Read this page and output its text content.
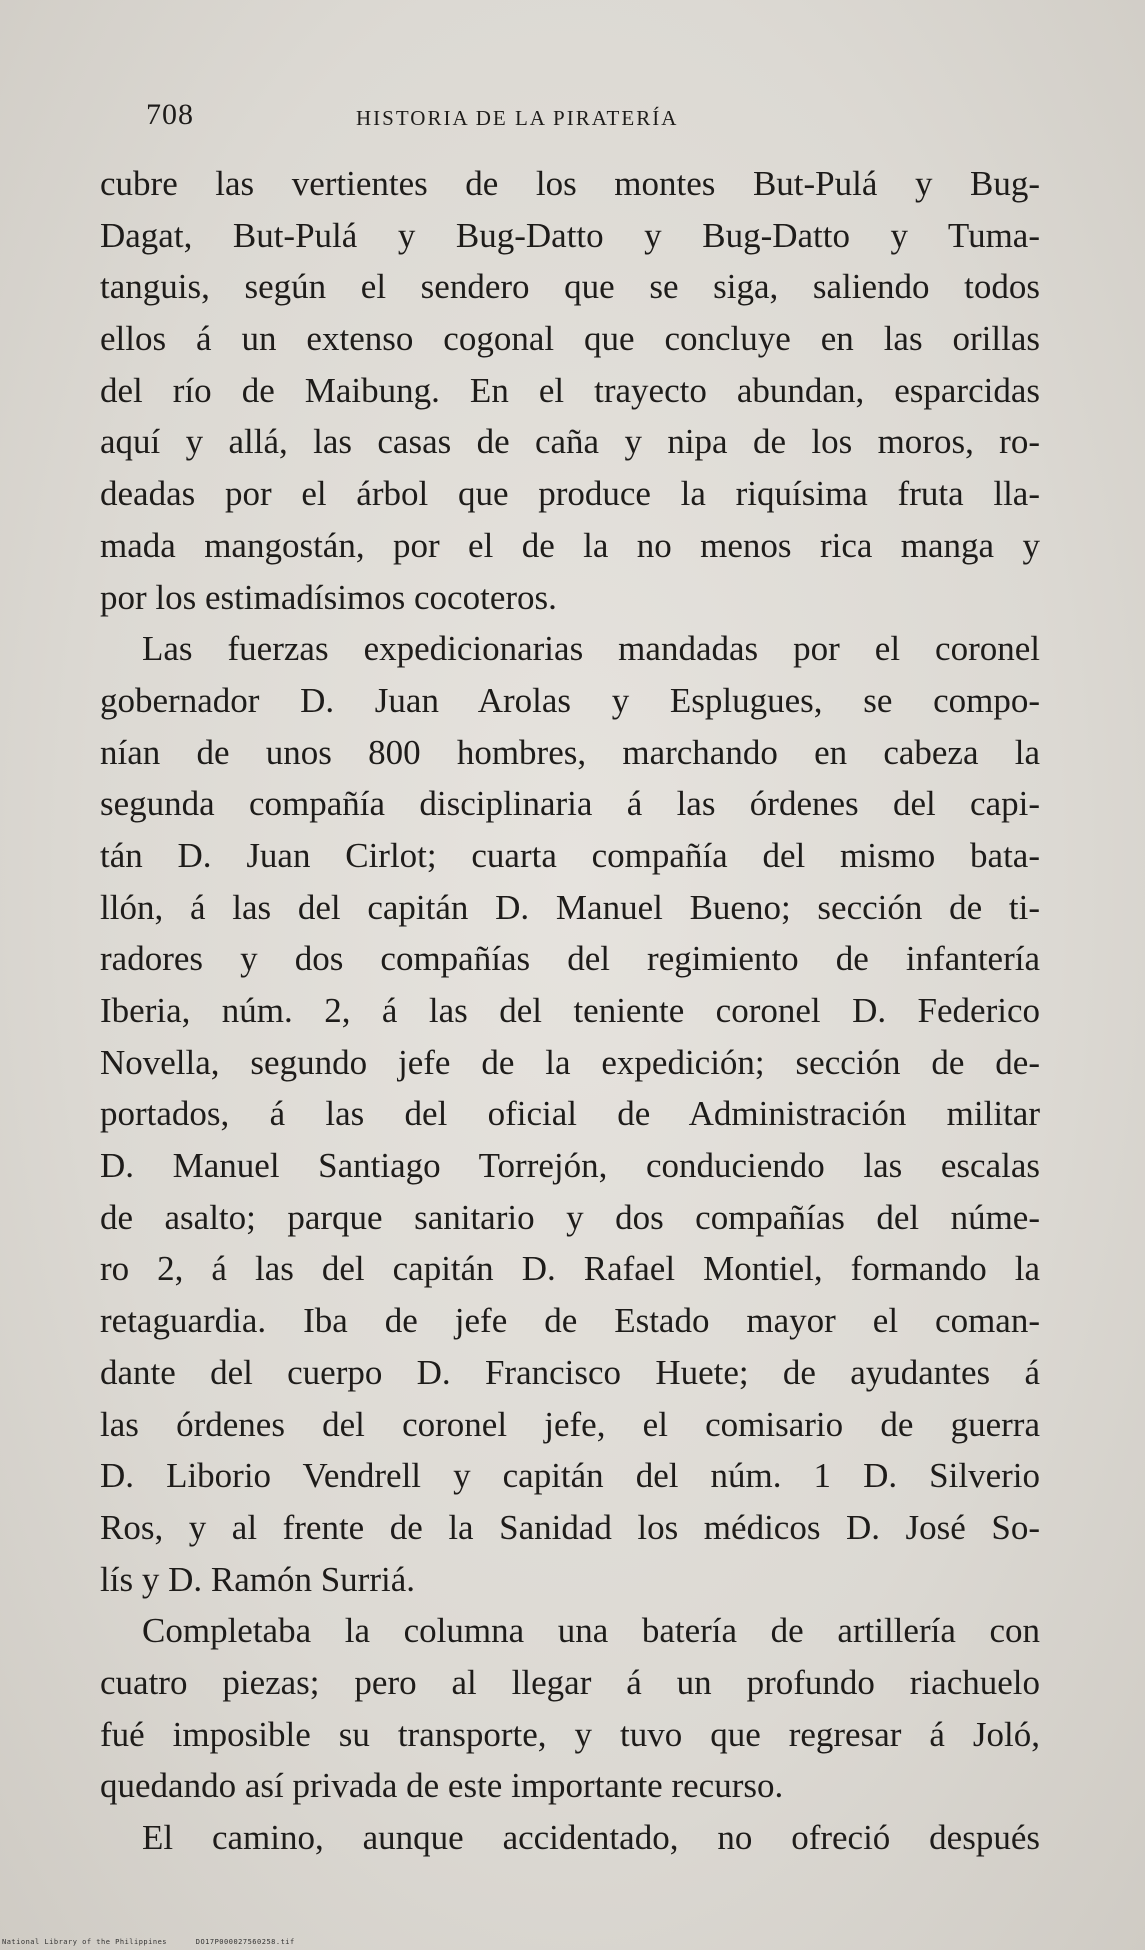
708	HISTORIA DE LA PIRATERÍA
cubre las vertientes de los montes But-Pulá y Bug-
Dagat, But-Pulá y Bug-Datto y Bug-Datto y Tuma-
tanguis, según el sendero que se siga, saliendo todos
ellos á un extenso cogonal que concluye en las orillas
del río de Maibung. En el trayecto abundan, esparcidas
aquí y allá, las casas de caña y nipa de los moros, ro-
deadas por el árbol que produce la riquísima fruta lla-
mada mangostán, por el de la no menos rica manga y
por los estimadísimos cocoteros.
Las fuerzas expedicionarias mandadas por el coronel
gobernador D. Juan Arolas y Esplugues, se compo-
nían de unos 800 hombres, marchando en cabeza la
segunda compañía disciplinaria á las órdenes del capi-
tán D. Juan Cirlot; cuarta compañía del mismo bata-
llón, á las del capitán D. Manuel Bueno; sección de ti-
radores y dos compañías del regimiento de infantería
Iberia, núm. 2, á las del teniente coronel D. Federico
Novella, segundo jefe de la expedición; sección de de-
portados, á las del oficial de Administración militar
D. Manuel Santiago Torrejón, conduciendo las escalas
de asalto; parque sanitario y dos compañías del núme-
ro 2, á las del capitán D. Rafael Montiel, formando la
retaguardia. Iba de jefe de Estado mayor el coman-
dante del cuerpo D. Francisco Huete; de ayudantes á
las órdenes del coronel jefe, el comisario de guerra
D. Liborio Vendrell y capitán del núm. 1 D. Silverio
Ros, y al frente de la Sanidad los médicos D. José So-
lís y D. Ramón Surriá.
Completaba la columna una batería de artillería con
cuatro piezas; pero al llegar á un profundo riachuelo
fué imposible su transporte, y tuvo que regresar á Joló,
quedando así privada de este importante recurso.
El camino, aunque accidentado, no ofreció después
National Library of the Philippines	DO17P000027560258.tif
